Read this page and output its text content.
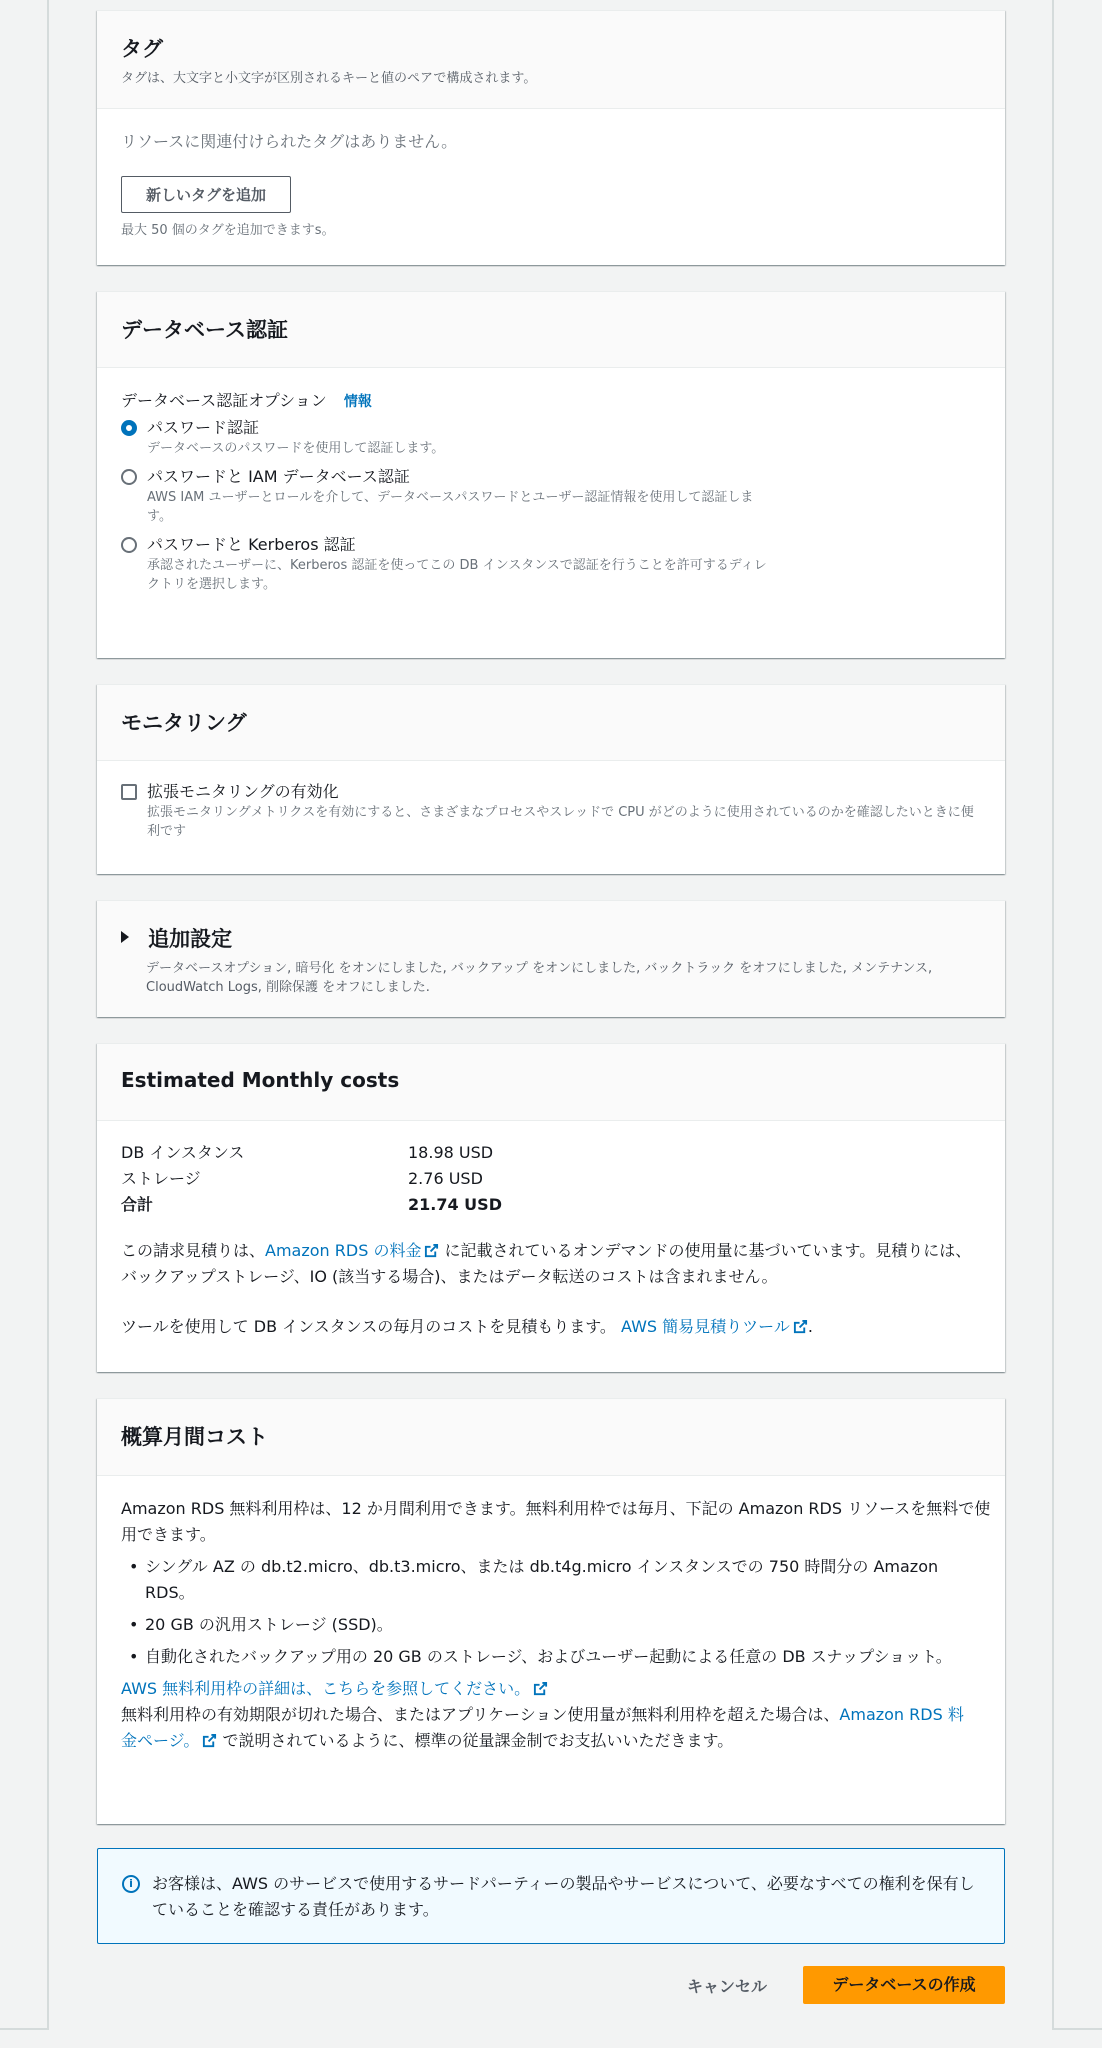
タグ

タグは、大文字と小文字が区別されるキーと値のペアで構成されます。

リソースに関連付けられたタグはありません。

新しいタグを追加

最大 50 個のタグを追加できますs。

データベース認証
データベース認証オプション 情報
パスワード認証
データベースのパスワードを使用して認証します。
パスワードと IAM データベース認証
AWS IAM ユーザーとロールを介して、データベースパスワードとユーザー認証情報を使用して認証します。
パスワードと Kerberos 認証
承認されたユーザーに、Kerberos 認証を使ってこの DB インスタンスで認証を行うことを許可するディレクトリを選択します。
モニタリング
拡張モニタリングの有効化
拡張モニタリングメトリクスを有効にすると、さまざまなプロセスやスレッドで CPU がどのように使用されているのかを確認したいときに便利です
追加設定

データベースオプション, 暗号化 をオンにしました, バックアップ をオンにしました, バックトラック をオフにしました, メンテナンス, CloudWatch Logs, 削除保護 をオフにしました.

Estimated Monthly costs
DB インスタンス	18.98 USD
ストレージ	2.76 USD
合計	21.74 USD

この請求見積りは、Amazon RDS の料金 に記載されているオンデマンドの使用量に基づいています。見積りには、バックアップストレージ、IO (該当する場合)、またはデータ転送のコストは含まれません。

ツールを使用して DB インスタンスの毎月のコストを見積もります。 AWS 簡易見積りツール .

概算月間コスト

Amazon RDS 無料利用枠は、12 か月間利用できます。無料利用枠では毎月、下記の Amazon RDS リソースを無料で使用できます。

• シングル AZ の db.t2.micro、db.t3.micro、または db.t4g.micro インスタンスでの 750 時間分の Amazon RDS。
• 20 GB の汎用ストレージ (SSD)。
• 自動化されたバックアップ用の 20 GB のストレージ、およびユーザー起動による任意の DB スナップショット。

AWS 無料利用枠の詳細は、こちらを参照してください。

無料利用枠の有効期限が切れた場合、またはアプリケーション使用量が無料利用枠を超えた場合は、Amazon RDS 料金ページ。 で説明されているように、標準の従量課金制でお支払いいただきます。

i	お客様は、AWS のサービスで使用するサードパーティーの製品やサービスについて、必要なすべての権利を保有していることを確認する責任があります。

キャンセル	データベースの作成
